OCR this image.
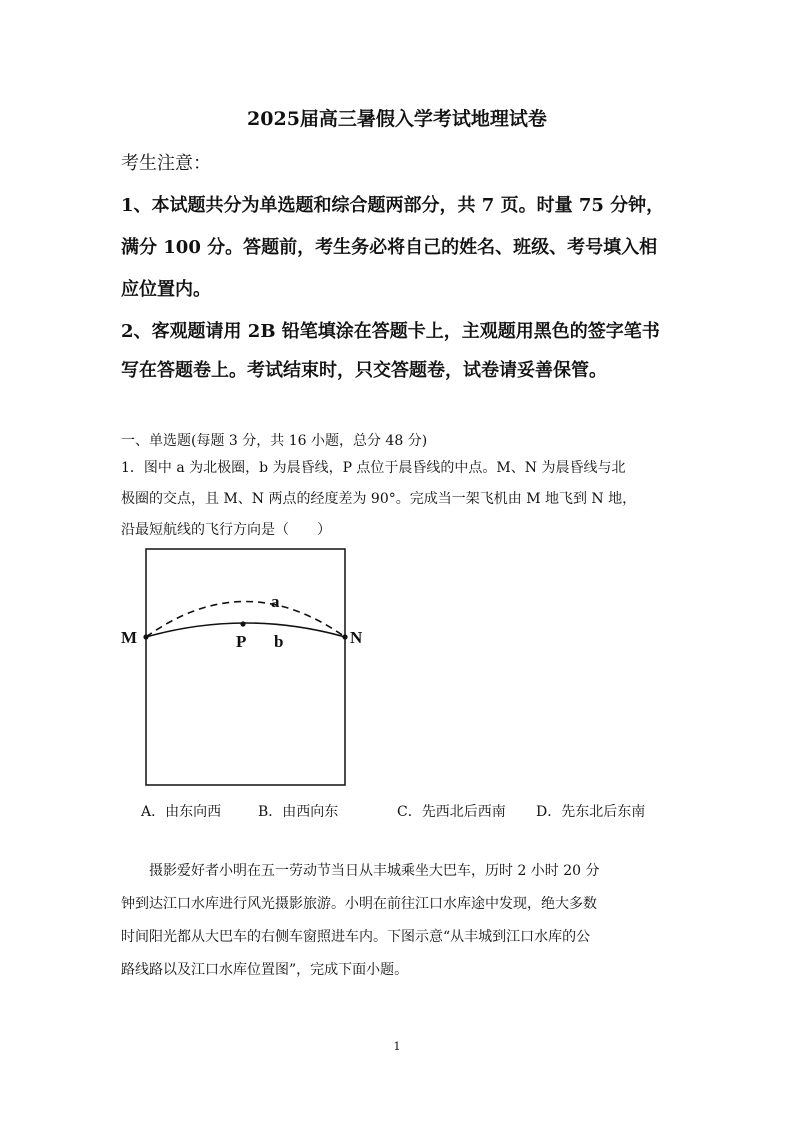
2025届高三暑假入学考试地理试卷
考生注意：
1、本试题共分为单选题和综合题两部分，共 7 页。时量 75 分钟，
满分 100 分。答题前，考生务必将自己的姓名、班级、考号填入相
应位置内。
2、客观题请用 2B 铅笔填涂在答题卡上，主观题用黑色的签字笔书
写在答题卷上。考试结束时，只交答题卷，试卷请妥善保管。
一、单选题(每题 3 分，共 16 小题，总分 48 分)
1．图中 a 为北极圈，b 为晨昏线，P 点位于晨昏线的中点。M、N 为晨昏线与北
极圈的交点，且 M、N 两点的经度差为 90°。完成当一架飞机由 M 地飞到 N 地，
沿最短航线的飞行方向是（　　）
a
P b
M	N
A．由东向西	B．由西向东	C．先西北后西南 D．先东北后东南
　　摄影爱好者小明在五一劳动节当日从丰城乘坐大巴车，历时 2 小时 20 分
钟到达江口水库进行风光摄影旅游。小明在前往江口水库途中发现，绝大多数
时间阳光都从大巴车的右侧车窗照进车内。下图示意“从丰城到江口水库的公
路线路以及江口水库位置图”，完成下面小题。
1
